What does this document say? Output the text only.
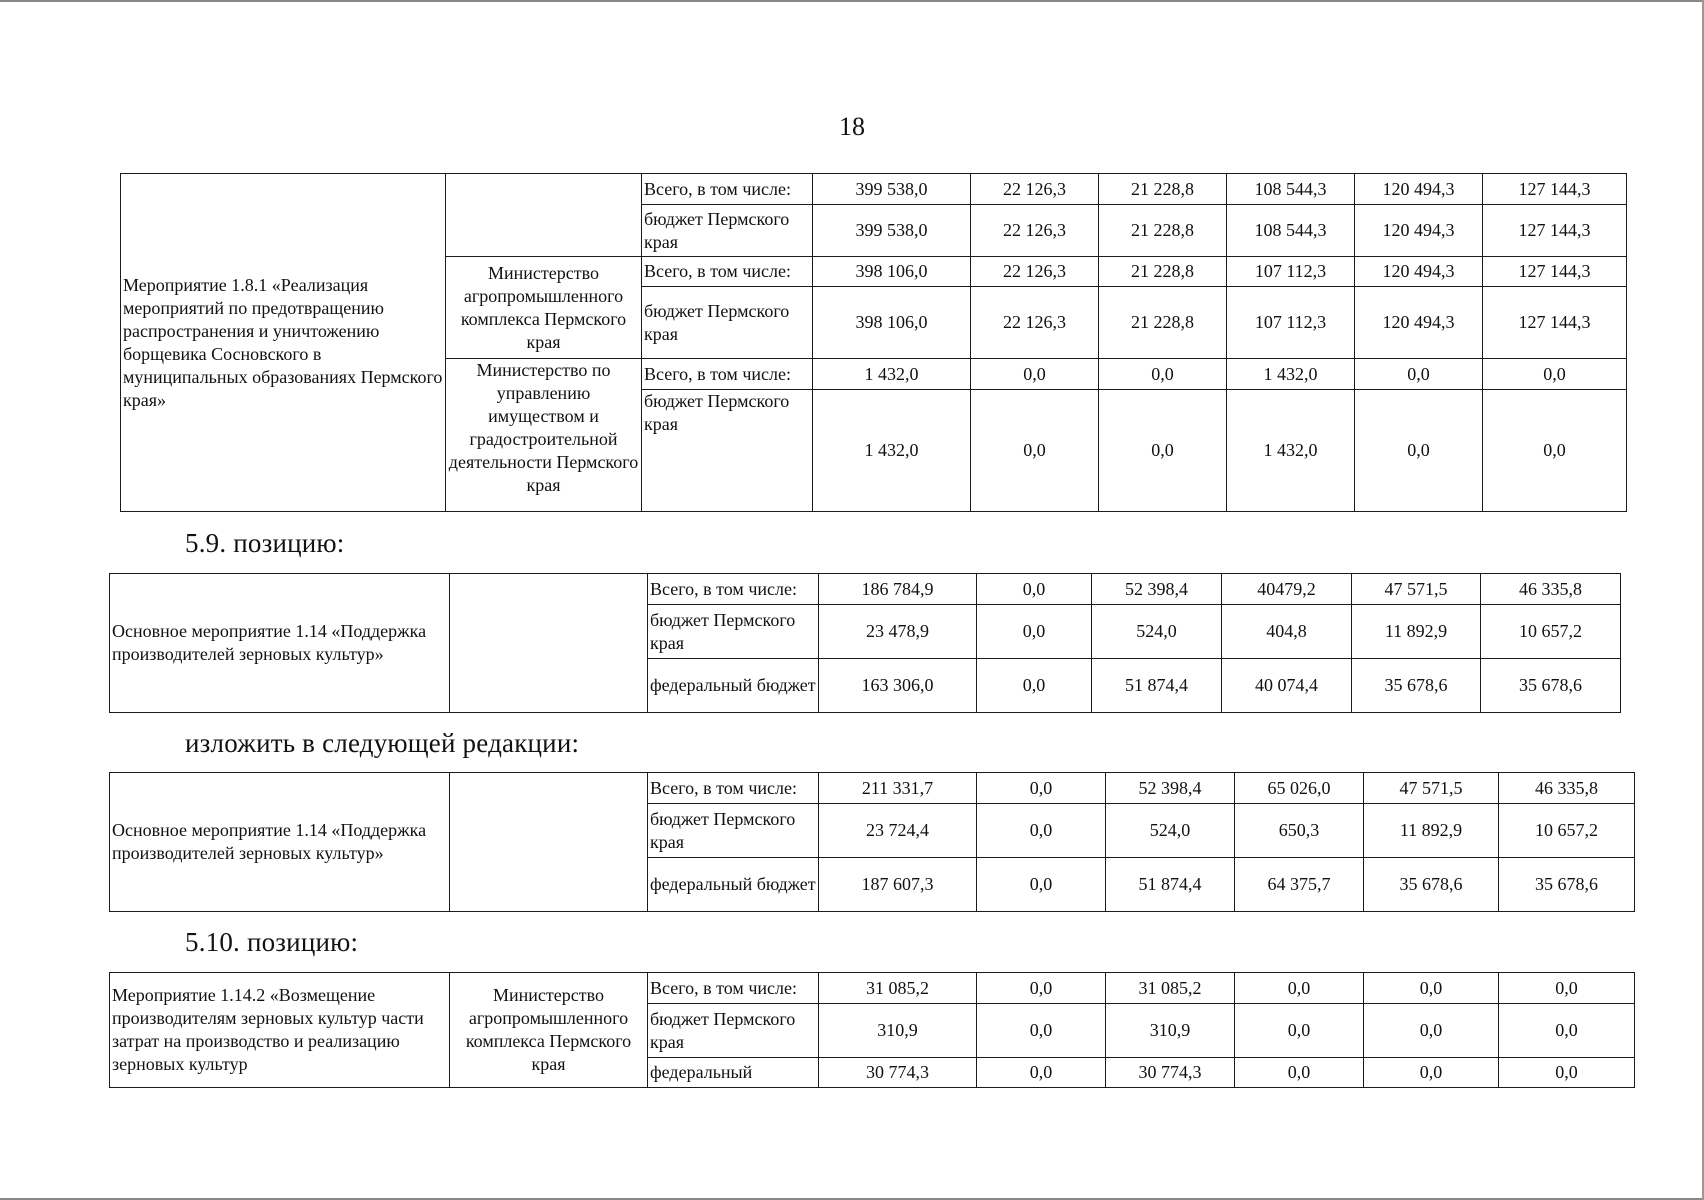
18
Мероприятие 1.8.1 «Реализация мероприятий по предотвращению распространения и уничтожению борщевика Сосновского в муниципальных образованиях Пермского края»		Всего, в том числе:	399 538,0	22 126,3	21 228,8	108 544,3	120 494,3	127 144,3
		бюджет Пермского края	399 538,0	22 126,3	21 228,8	108 544,3	120 494,3	127 144,3
	Министерство агропромышленного комплекса Пермского края	Всего, в том числе:	398 106,0	22 126,3	21 228,8	107 112,3	120 494,3	127 144,3
		бюджет Пермского края	398 106,0	22 126,3	21 228,8	107 112,3	120 494,3	127 144,3
	Министерство по управлению имуществом и градостроительной деятельности Пермского края	Всего, в том числе:	1 432,0	0,0	0,0	1 432,0	0,0	0,0
		бюджет Пермского края	1 432,0	0,0	0,0	1 432,0	0,0	0,0
5.9. позицию:
Основное мероприятие 1.14 «Поддержка производителей зерновых культур»		Всего, в том числе:	186 784,9	0,0	52 398,4	40479,2	47 571,5	46 335,8
		бюджет Пермского края	23 478,9	0,0	524,0	404,8	11 892,9	10 657,2
		федеральный бюджет	163 306,0	0,0	51 874,4	40 074,4	35 678,6	35 678,6
изложить в следующей редакции:
Основное мероприятие 1.14 «Поддержка производителей зерновых культур»		Всего, в том числе:	211 331,7	0,0	52 398,4	65 026,0	47 571,5	46 335,8
		бюджет Пермского края	23 724,4	0,0	524,0	650,3	11 892,9	10 657,2
		федеральный бюджет	187 607,3	0,0	51 874,4	64 375,7	35 678,6	35 678,6
5.10. позицию:
Мероприятие 1.14.2 «Возмещение производителям зерновых культур части затрат на производство и реализацию зерновых культур	Министерство агропромышленного комплекса Пермского края	Всего, в том числе:	31 085,2	0,0	31 085,2	0,0	0,0	0,0
		бюджет Пермского края	310,9	0,0	310,9	0,0	0,0	0,0
		федеральный	30 774,3	0,0	30 774,3	0,0	0,0	0,0
